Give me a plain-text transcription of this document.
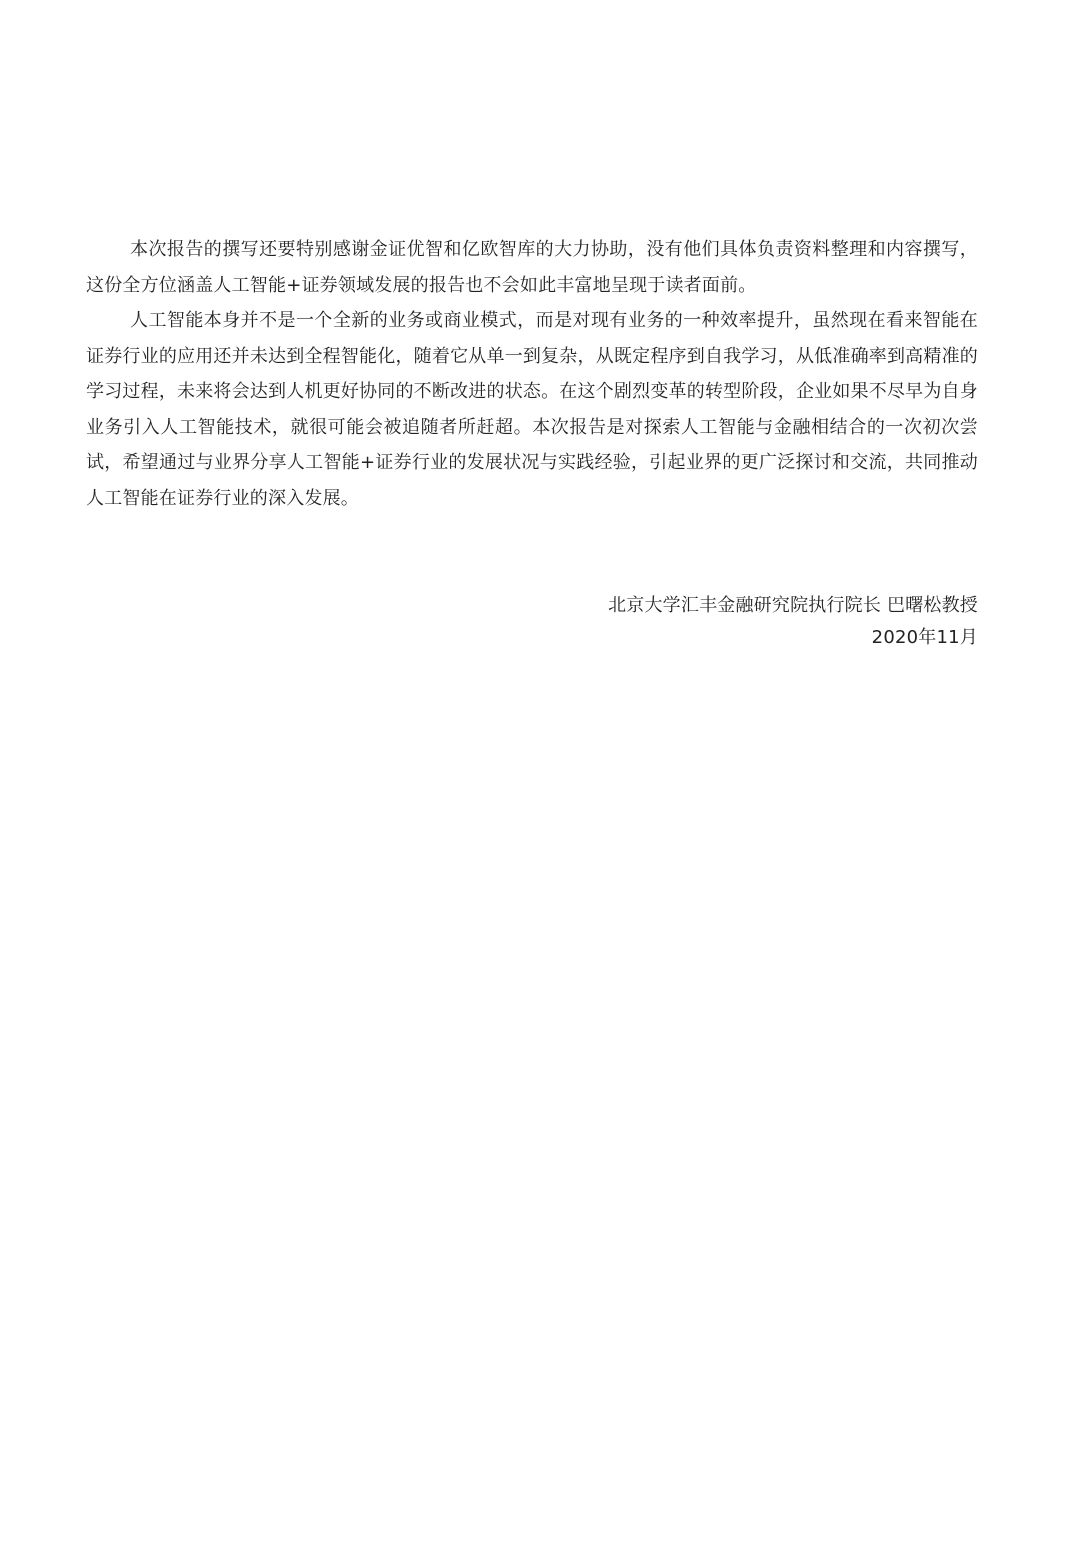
本次报告的撰写还要特别感谢金证优智和亿欧智库的大力协助，没有他们具体负责资料整理和内容撰写，这份全方位涵盖人工智能+证券领域发展的报告也不会如此丰富地呈现于读者面前。

人工智能本身并不是一个全新的业务或商业模式，而是对现有业务的一种效率提升，虽然现在看来智能在证券行业的应用还并未达到全程智能化，随着它从单一到复杂，从既定程序到自我学习，从低准确率到高精准的学习过程，未来将会达到人机更好协同的不断改进的状态。在这个剧烈变革的转型阶段，企业如果不尽早为自身业务引入人工智能技术，就很可能会被追随者所赶超。本次报告是对探索人工智能与金融相结合的一次初次尝试，希望通过与业界分享人工智能+证券行业的发展状况与实践经验，引起业界的更广泛探讨和交流，共同推动人工智能在证券行业的深入发展。

北京大学汇丰金融研究院执行院长 巴曙松教授
2020年11月
